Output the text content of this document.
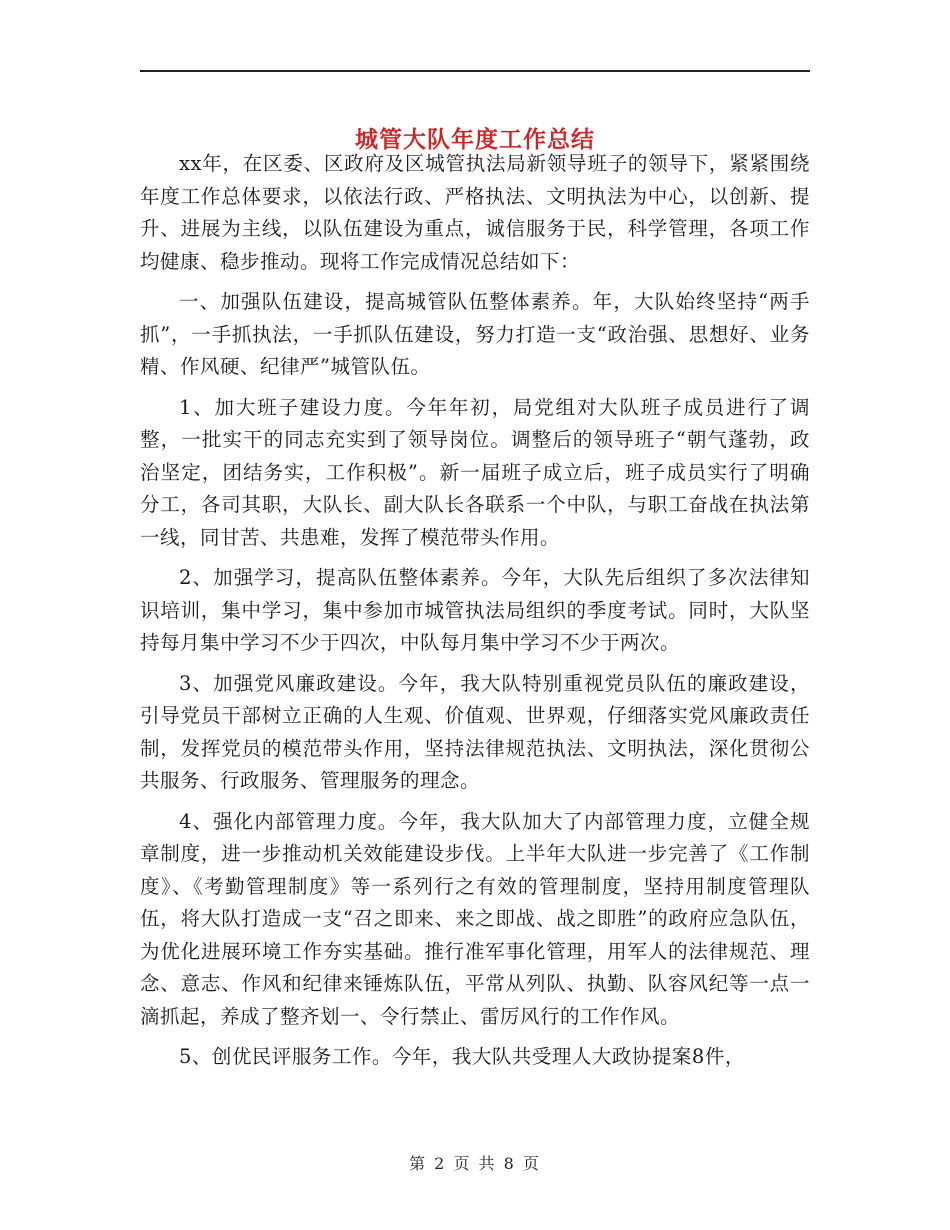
城管大队年度工作总结

xx年，在区委、区政府及区城管执法局新领导班子的领导下，紧紧围绕年度工作总体要求，以依法行政、严格执法、文明执法为中心，以创新、提升、进展为主线，以队伍建设为重点，诚信服务于民，科学管理，各项工作均健康、稳步推动。现将工作完成情况总结如下：

一、加强队伍建设，提高城管队伍整体素养。年，大队始终坚持“两手抓”，一手抓执法，一手抓队伍建设，努力打造一支“政治强、思想好、业务精、作风硬、纪律严”城管队伍。

1、加大班子建设力度。今年年初，局党组对大队班子成员进行了调整，一批实干的同志充实到了领导岗位。调整后的领导班子“朝气蓬勃，政治坚定，团结务实，工作积极”。新一届班子成立后，班子成员实行了明确分工，各司其职，大队长、副大队长各联系一个中队，与职工奋战在执法第一线，同甘苦、共患难，发挥了模范带头作用。

2、加强学习，提高队伍整体素养。今年，大队先后组织了多次法律知识培训，集中学习，集中参加市城管执法局组织的季度考试。同时，大队坚持每月集中学习不少于四次，中队每月集中学习不少于两次。

3、加强党风廉政建设。今年，我大队特别重视党员队伍的廉政建设，引导党员干部树立正确的人生观、价值观、世界观，仔细落实党风廉政责任制，发挥党员的模范带头作用，坚持法律规范执法、文明执法，深化贯彻公共服务、行政服务、管理服务的理念。

4、强化内部管理力度。今年，我大队加大了内部管理力度，立健全规章制度，进一步推动机关效能建设步伐。上半年大队进一步完善了《工作制度》、《考勤管理制度》等一系列行之有效的管理制度，坚持用制度管理队伍，将大队打造成一支“召之即来、来之即战、战之即胜”的政府应急队伍，为优化进展环境工作夯实基础。推行准军事化管理，用军人的法律规范、理念、意志、作风和纪律来锤炼队伍，平常从列队、执勤、队容风纪等一点一滴抓起，养成了整齐划一、令行禁止、雷厉风行的工作作风。

5、创优民评服务工作。今年，我大队共受理人大政协提案8件，

第 2 页 共 8 页
